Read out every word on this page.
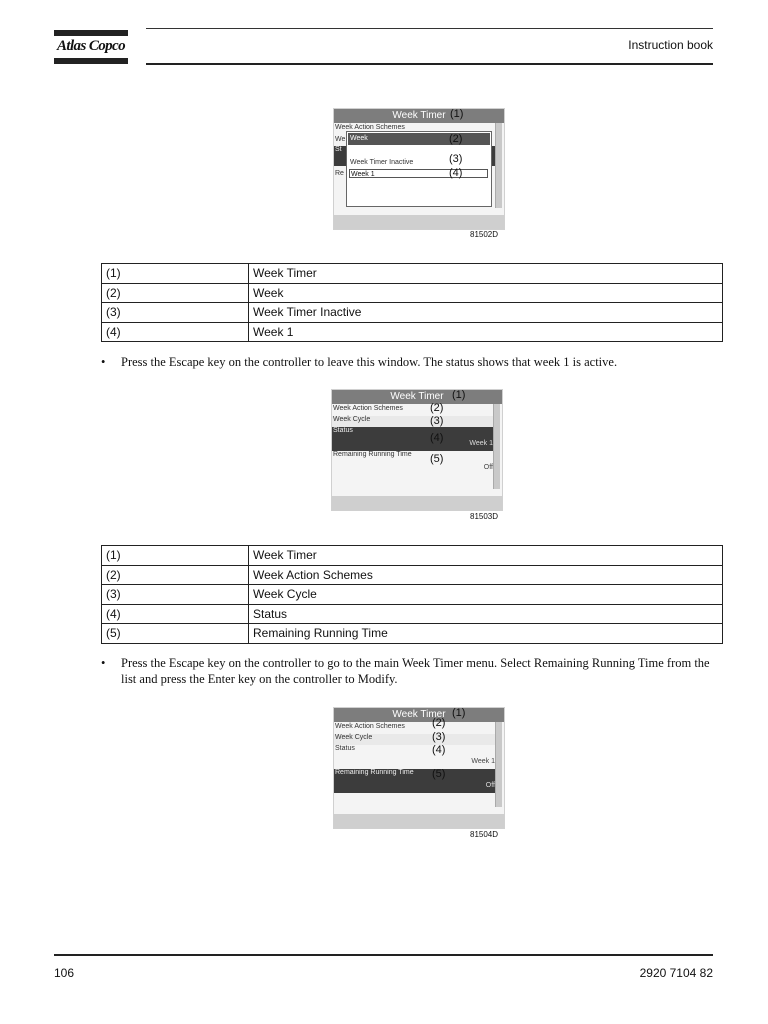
Atlas Copco	Instruction book
Week Timer
Week Action Schemes
We
St
Re
Week
Week Timer Inactive
Week 1
(1)
(2)
(3)
(4)
81502D
(1)	Week Timer
(2)	Week
(3)	Week Timer Inactive
(4)	Week 1
• Press the Escape key on the controller to leave this window. The status shows that week 1 is active.
Week Timer
Week Action Schemes
Week Cycle
Status
Week 1
Remaining Running Time
Off
(1)
(2)
(3)
(4)
(5)
81503D
(1)	Week Timer
(2)	Week Action Schemes
(3)	Week Cycle
(4)	Status
(5)	Remaining Running Time
• Press the Escape key on the controller to go to the main Week Timer menu. Select Remaining Running Time from the list and press the Enter key on the controller to Modify.
Week Timer
Week Action Schemes
Week Cycle
Status
Week 1
Remaining Running Time
Off
(1)
(2)
(3)
(4)
(5)
81504D
106	2920 7104 82
